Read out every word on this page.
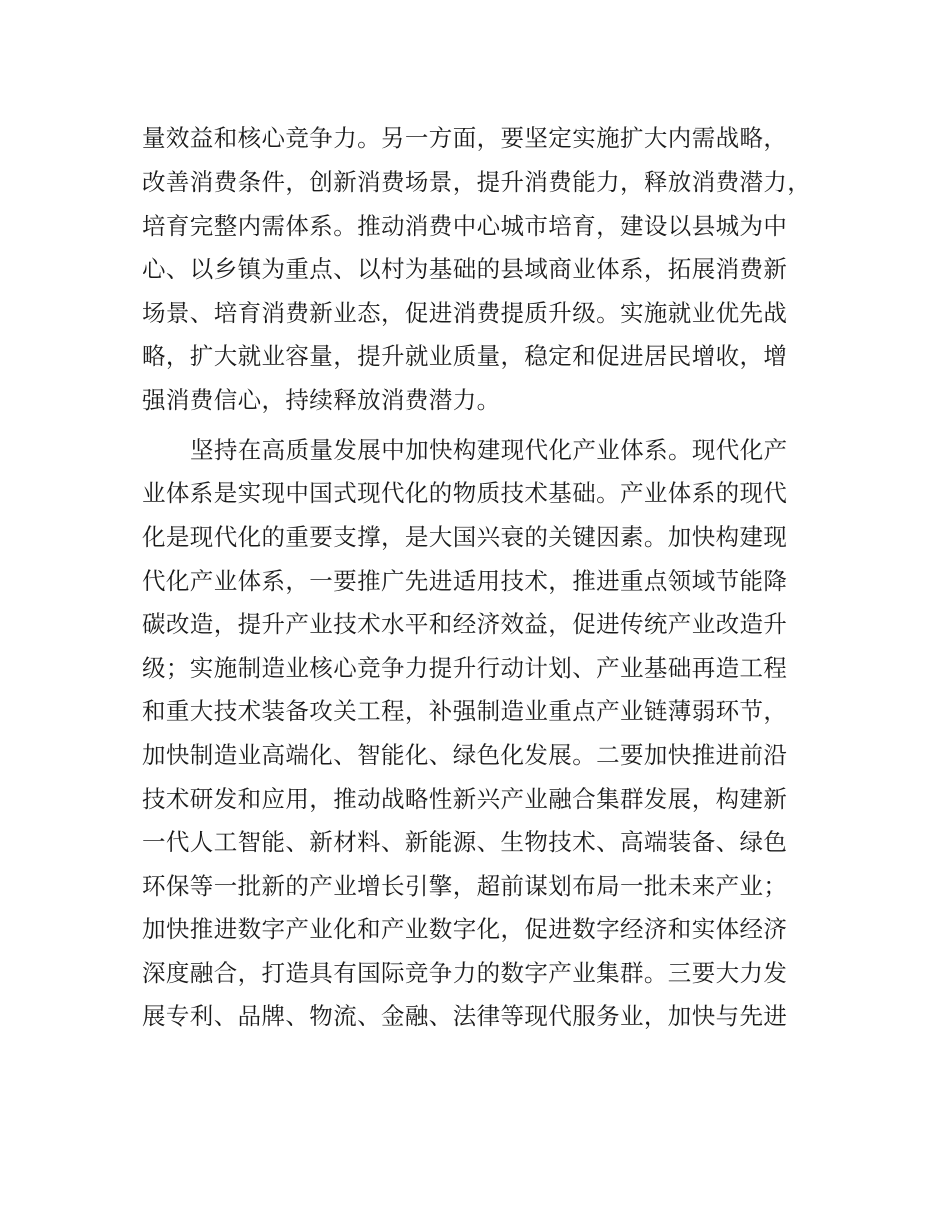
量效益和核心竞争力。另一方面，要坚定实施扩大内需战略，
改善消费条件，创新消费场景，提升消费能力，释放消费潜力，
培育完整内需体系。推动消费中心城市培育，建设以县城为中
心、以乡镇为重点、以村为基础的县域商业体系，拓展消费新
场景、培育消费新业态，促进消费提质升级。实施就业优先战
略，扩大就业容量，提升就业质量，稳定和促进居民增收，增
强消费信心，持续释放消费潜力。
坚持在高质量发展中加快构建现代化产业体系。现代化产
业体系是实现中国式现代化的物质技术基础。产业体系的现代
化是现代化的重要支撑，是大国兴衰的关键因素。加快构建现
代化产业体系，一要推广先进适用技术，推进重点领域节能降
碳改造，提升产业技术水平和经济效益，促进传统产业改造升
级；实施制造业核心竞争力提升行动计划、产业基础再造工程
和重大技术装备攻关工程，补强制造业重点产业链薄弱环节，
加快制造业高端化、智能化、绿色化发展。二要加快推进前沿
技术研发和应用，推动战略性新兴产业融合集群发展，构建新
一代人工智能、新材料、新能源、生物技术、高端装备、绿色
环保等一批新的产业增长引擎，超前谋划布局一批未来产业；
加快推进数字产业化和产业数字化，促进数字经济和实体经济
深度融合，打造具有国际竞争力的数字产业集群。三要大力发
展专利、品牌、物流、金融、法律等现代服务业，加快与先进
